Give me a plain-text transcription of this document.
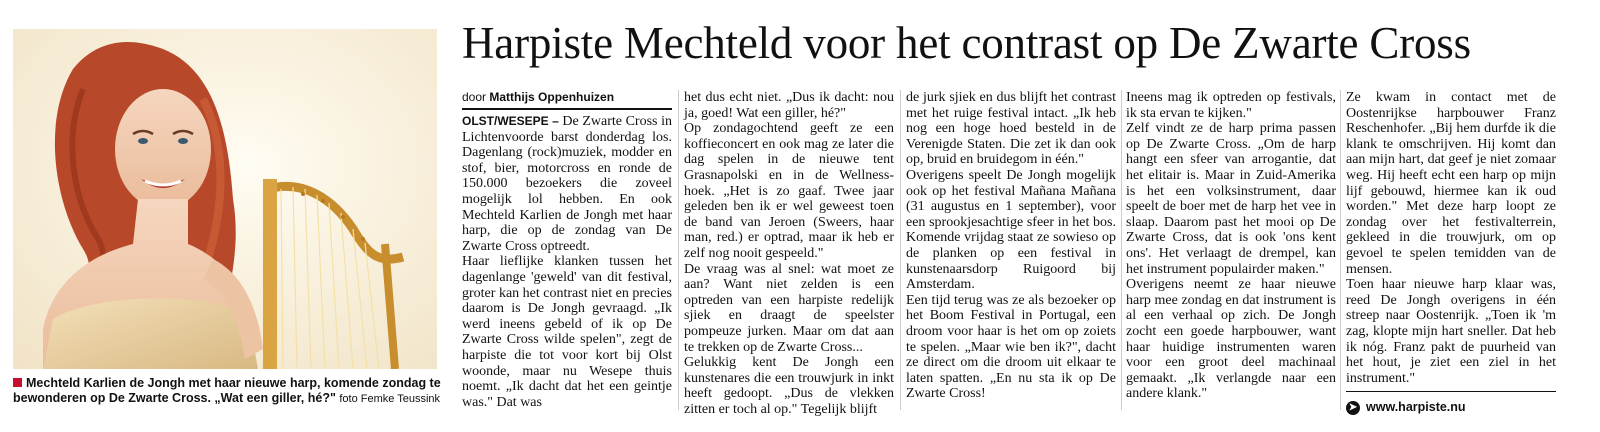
Mechteld Karlien de Jongh met haar nieuwe harp, komende zondag te bewonderen op De Zwarte Cross. „Wat een giller, hé?" foto Femke Teussink
Harpiste Mechteld voor het contrast op De Zwarte Cross
door Matthijs Oppenhuizen

OLST/WESEPE – De Zwarte Cross in Lichtenvoorde barst donderdag los. Dagenlang (rock)muziek, modder en stof, bier, motorcross en ronde de 150.000 bezoekers die zoveel mogelijk lol hebben. En ook Mechteld Karlien de Jongh met haar harp, die op de zondag van De Zwarte Cross optreedt.

Haar lieflijke klanken tussen het dagenlange 'geweld' van dit festival, groter kan het contrast niet en precies daarom is De Jongh gevraagd. „Ik werd ineens gebeld of ik op De Zwarte Cross wilde spelen", zegt de harpiste die tot voor kort bij Olst woonde, maar nu Wesepe thuis noemt. „Ik dacht dat het een geintje was." Dat was

het dus echt niet. „Dus ik dacht: nou ja, goed! Wat een giller, hé?"

Op zondagochtend geeft ze een koffieconcert en ook mag ze later die dag spelen in de nieuwe tent Grasnapolski en in de Wellness-hoek. „Het is zo gaaf. Twee jaar geleden ben ik er wel geweest toen de band van Jeroen (Sweers, haar man, red.) er optrad, maar ik heb er zelf nog nooit gespeeld."

De vraag was al snel: wat moet ze aan? Want niet zelden is een optreden van een harpiste redelijk sjiek en draagt de speelster pompeuze jurken. Maar om dat aan te trekken op de Zwarte Cross...

Gelukkig kent De Jongh een kunstenares die een trouwjurk in inkt heeft gedoopt. „Dus de vlekken zitten er toch al op." Tegelijk blijft

de jurk sjiek en dus blijft het contrast met het ruige festival intact. „Ik heb nog een hoge hoed besteld in de Verenigde Staten. Die zet ik dan ook op, bruid en bruidegom in één."

Overigens speelt De Jongh mogelijk ook op het festival Mañana Mañana (31 augustus en 1 september), voor een sprookjesachtige sfeer in het bos. Komende vrijdag staat ze sowieso op de planken op een festival in kunstenaarsdorp Ruigoord bij Amsterdam.

Een tijd terug was ze als bezoeker op het Boom Festival in Portugal, een droom voor haar is het om op zoiets te spelen. „Maar wie ben ik?", dacht ze direct om die droom uit elkaar te laten spatten. „En nu sta ik op De Zwarte Cross!

Ineens mag ik optreden op festivals, ik sta ervan te kijken."

Zelf vindt ze de harp prima passen op De Zwarte Cross. „Om de harp hangt een sfeer van arrogantie, dat het elitair is. Maar in Zuid-Amerika is het een volksinstrument, daar speelt de boer met de harp het vee in slaap. Daarom past het mooi op De Zwarte Cross, dat is ook 'ons kent ons'. Het verlaagt de drempel, kan het instrument populairder maken."

Overigens neemt ze haar nieuwe harp mee zondag en dat instrument is al een verhaal op zich. De Jongh zocht een goede harpbouwer, want haar huidige instrumenten waren voor een groot deel machinaal gemaakt. „Ik verlangde naar een andere klank."

Ze kwam in contact met de Oostenrijkse harpbouwer Franz Reschenhofer. „Bij hem durfde ik die klank te omschrijven. Hij komt dan aan mijn hart, dat geef je niet zomaar weg. Hij heeft echt een harp op mijn lijf gebouwd, hiermee kan ik oud worden." Met deze harp loopt ze zondag over het festivalterrein, gekleed in die trouwjurk, om op gevoel te spelen temidden van de mensen.

Toen haar nieuwe harp klaar was, reed De Jongh overigens in één streep naar Oostenrijk. „Toen ik 'm zag, klopte mijn hart sneller. Dat heb ik nóg. Franz pakt de puurheid van het hout, je ziet een ziel in het instrument."

➤ www.harpiste.nu
